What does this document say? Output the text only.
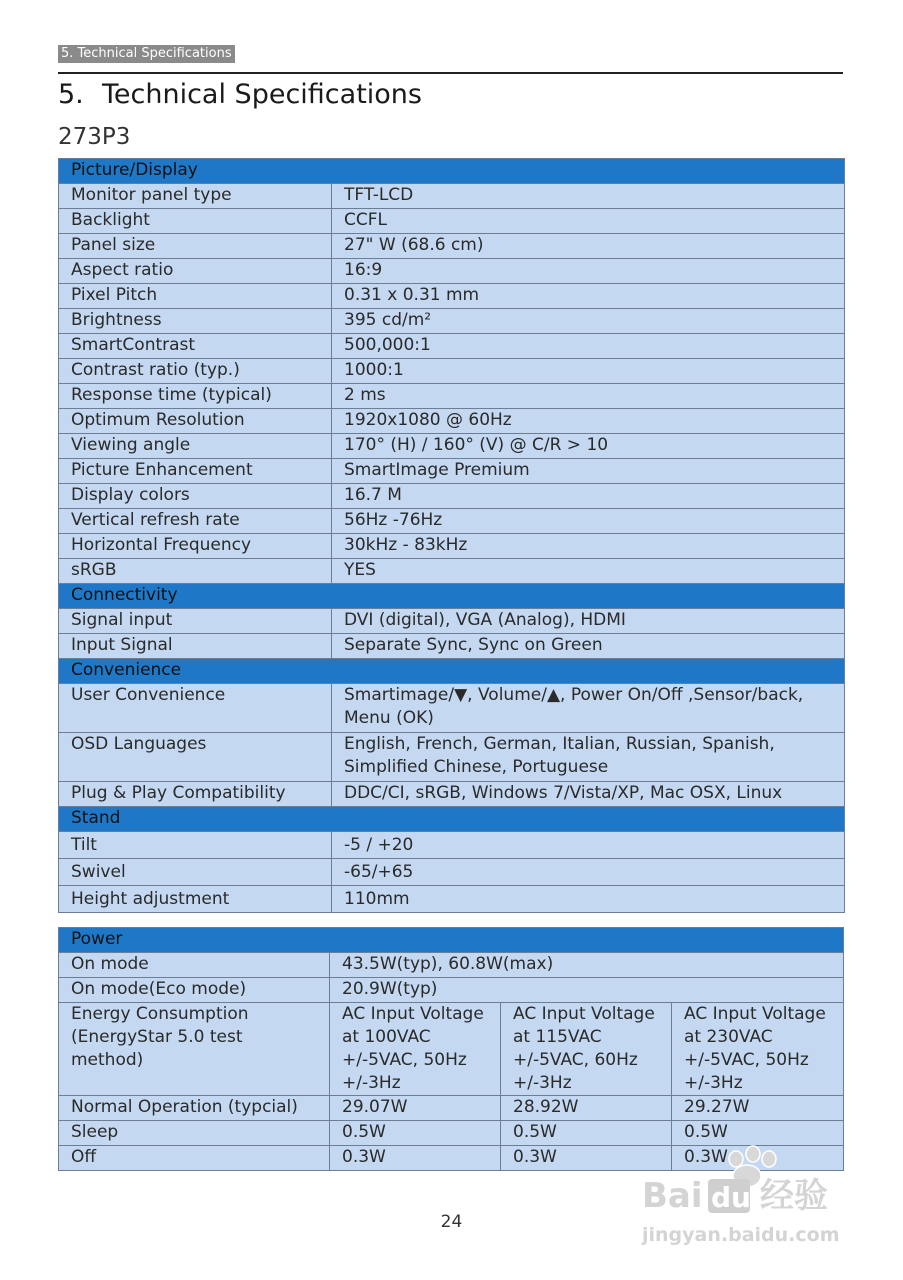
5. Technical Specifications
5. Technical Specifications
273P3
Picture/Display	
Monitor panel type	TFT-LCD
Backlight	CCFL
Panel size	27" W (68.6 cm)
Aspect ratio	16:9
Pixel Pitch	0.31 x 0.31 mm
Brightness	395 cd/m²
SmartContrast	500,000:1
Contrast ratio (typ.)	1000:1
Response time (typical)	2 ms
Optimum Resolution	1920x1080 @ 60Hz
Viewing angle	170° (H) / 160° (V) @ C/R > 10
Picture Enhancement	SmartImage Premium
Display colors	16.7 M
Vertical refresh rate	56Hz -76Hz
Horizontal Frequency	30kHz - 83kHz
sRGB	YES
Connectivity	
Signal input	DVI (digital), VGA (Analog), HDMI
Input Signal	Separate Sync, Sync on Green
Convenience	
User Convenience	Smartimage/▼, Volume/▲, Power On/Off ,Sensor/back, Menu (OK)
OSD Languages	English, French, German, Italian, Russian, Spanish, Simplified Chinese, Portuguese
Plug & Play Compatibility	DDC/CI, sRGB, Windows 7/Vista/XP, Mac OSX, Linux
Stand	
Tilt	-5 / +20
Swivel	-65/+65
Height adjustment	110mm
Power			
On mode	43.5W(typ), 60.8W(max)		
On mode(Eco mode)	20.9W(typ)		
Energy Consumption (EnergyStar 5.0 test method)	AC Input Voltage at 100VAC +/-5VAC, 50Hz +/-3Hz	AC Input Voltage at 115VAC +/-5VAC, 60Hz +/-3Hz	AC Input Voltage at 230VAC +/-5VAC, 50Hz +/-3Hz
Normal Operation (typcial)	29.07W	28.92W	29.27W
Sleep	0.5W	0.5W	0.5W
Off	0.3W	0.3W	0.3W
24
Bai du 经验
jingyan.baidu.com
